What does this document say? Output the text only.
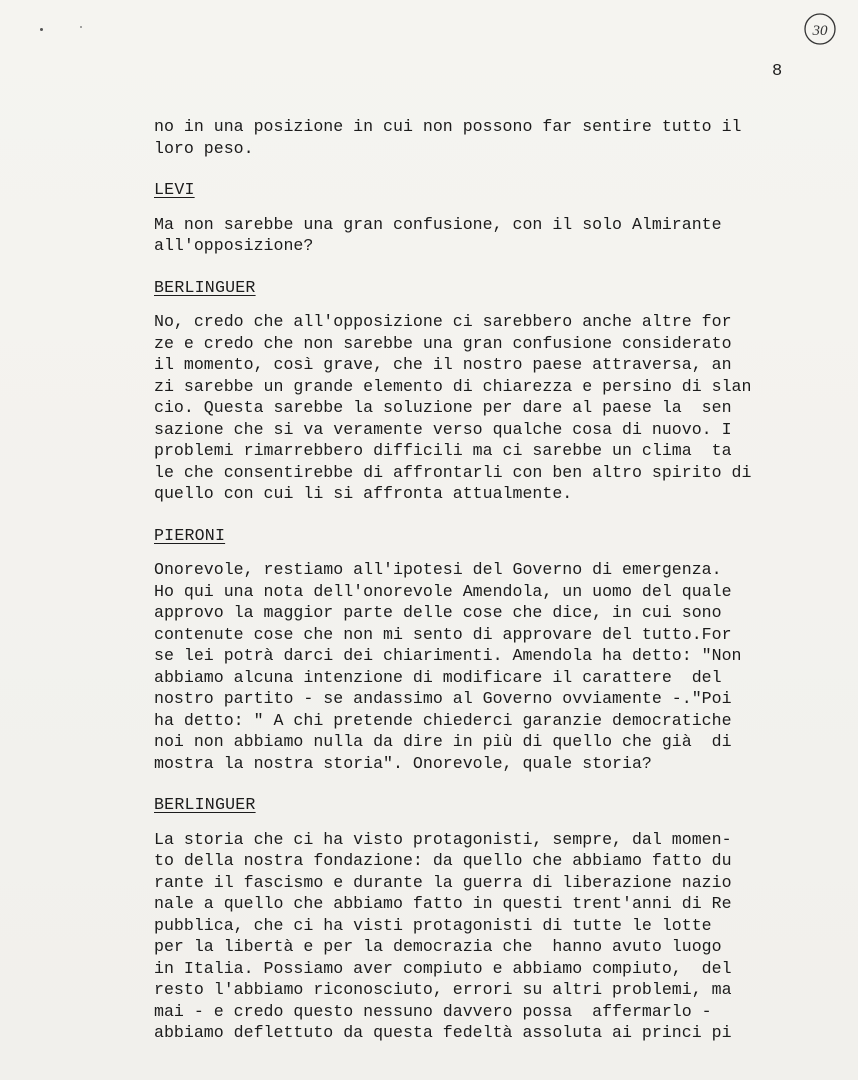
30
8
no in una posizione in cui non possono far sentire tutto il
loro peso.
LEVI
Ma non sarebbe una gran confusione, con il solo Almirante
all'opposizione?
BERLINGUER
No, credo che all'opposizione ci sarebbero anche altre for
ze e credo che non sarebbe una gran confusione considerato
il momento, così grave, che il nostro paese attraversa, an
zi sarebbe un grande elemento di chiarezza e persino di slan
cio. Questa sarebbe la soluzione per dare al paese la  sen
sazione che si va veramente verso qualche cosa di nuovo. I
problemi rimarrebbero difficili ma ci sarebbe un clima  ta
le che consentirebbe di affrontarli con ben altro spirito di
quello con cui li si affronta attualmente.
PIERONI
Onorevole, restiamo all'ipotesi del Governo di emergenza.
Ho qui una nota dell'onorevole Amendola, un uomo del quale
approvo la maggior parte delle cose che dice, in cui sono
contenute cose che non mi sento di approvare del tutto.For
se lei potrà darci dei chiarimenti. Amendola ha detto: "Non
abbiamo alcuna intenzione di modificare il carattere  del
nostro partito - se andassimo al Governo ovviamente -."Poi
ha detto: " A chi pretende chiederci garanzie democratiche
noi non abbiamo nulla da dire in più di quello che già  di
mostra la nostra storia". Onorevole, quale storia?
BERLINGUER
La storia che ci ha visto protagonisti, sempre, dal momen-
to della nostra fondazione: da quello che abbiamo fatto du
rante il fascismo e durante la guerra di liberazione nazio
nale a quello che abbiamo fatto in questi trent'anni di Re
pubblica, che ci ha visti protagonisti di tutte le lotte
per la libertà e per la democrazia che  hanno avuto luogo
in Italia. Possiamo aver compiuto e abbiamo compiuto,  del
resto l'abbiamo riconosciuto, errori su altri problemi, ma
mai - e credo questo nessuno davvero possa  affermarlo -
abbiamo deflettuto da questa fedeltà assoluta ai princi pi
